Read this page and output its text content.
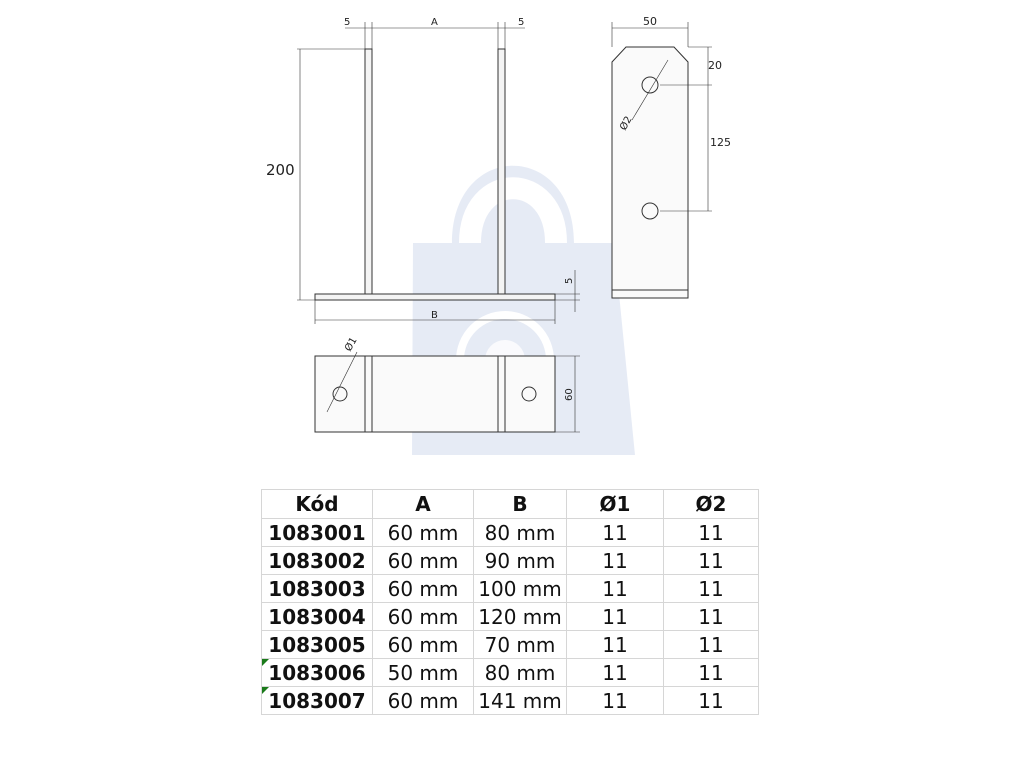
5	A	5
200
5
B
50
20
125
Ø2
Ø1
60
Kód	A	B	Ø1	Ø2
1083001	60 mm	80 mm	11	11
1083002	60 mm	90 mm	11	11
1083003	60 mm	100 mm	11	11
1083004	60 mm	120 mm	11	11
1083005	60 mm	70 mm	11	11

1083006	50 mm	80 mm	11	11

1083007	60 mm	141 mm	11	11
